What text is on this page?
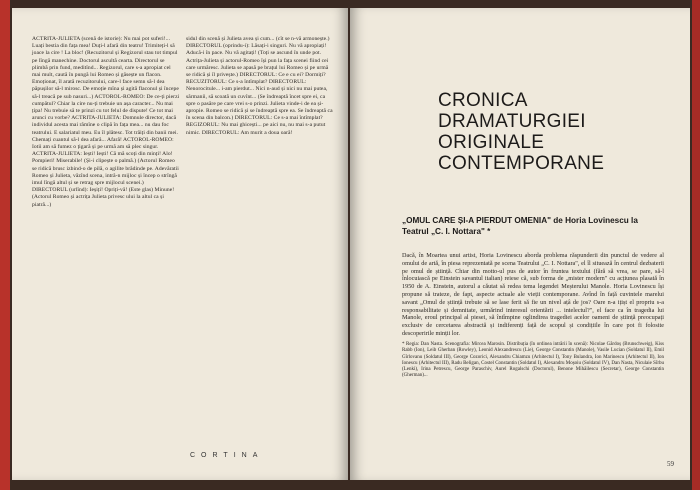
ACTRITA-JULIETA (scenă de istorie): Nu mai pot suferi!... Luați bestia din fața mea! Duți-l afară din teatru! Trimiteți-l să joace la cire ! La bloc! (Recuzitorul și Regizorul stau tot timpul pe lîngă manechine. Doctorul ascultă cearta. Directorul se plimbă prin fund, meditînd... Regizorul, care s-a apropiat cel mai mult, caută în pungă lui Romeo și găsește un flacon. Emoționat, îl arată recuzitorului, care-l face semn să-l dea păpușilor să-l mirosc. De emoție mîna și agită flaconul și începe să-l treacă pe sub nasuri...) ACTOROL-ROMEO: De ce-ți pierzi cumpătul? Chiar la cire nu-ți trebuie un așa caracter... Nu mai țipa! Nu trebuie să te prinzi cu tot felul de dispute! Ce tot mai arunci cu vorbe? ACTRITA-JULIETA: Domnule director, dacă individul acesta mai rămîne o clipă în fața mea... nu dau foc teatrului. E salariatul meu. Eu îl plătesc. Tot trăiți din banii mei. Chemați cuantul să-l dea afară... Afară! ACTOROL-ROMEO: Iotii am să fumez o țigară și pe urmă am să plec singur. ACTRITA-JULIETA: Iești! Iești! Că mă scoți din minți! Alo! Pompieri! Miserabile! (Și-i clipește o palmă.) (Actorul Romeo se ridică brusc izbind-o de pilă, o agilite brădinde pe. Adevăratii Romeo și Julieta, văzînd scena, intră-n mijloc și încep o strîngă imul lîngă altul și se retrag spre mijlocul scenei.) DIRECTORUL (urlînd): Ieșiți! Opriți-vă! (Este glas) Minune! (Actorul Romeo și actrița Julieta privesc ului la altul ca și piatră...)

sidul din scenă și Julieta avea și cum... (cît se n-vă armonește.) DIRECTORUL (oprindu-i): Lăsați-i singuri. Nu vă apropiați! Aducă-i în pace. Nu vă agitați! (Toți se ascund în unde pot. Actrița-Julieta și actorul-Romeo își pun la fața scenei fiind cei care urmăresc. Julieta se apasă pe brațul lui Romeo și pe urmă se ridică și îl privește.) DIRECTORUL: Ce e cu ei? Dormiți? RECUZITORUL: Ce s-a întîmplat? DIRECTORUL: Nenorocitule... i-am pierdut... Nici n-aud și nici nu mai putea, sărmanii, să scoată un cuvînt... (Se îndreaptă încet spre ei, ca spre o pasăre pe care vrei s-o prinzi. Julieta vinde-i de ea și-apropie. Romeo se ridică și se îndreaptă spre ea. Se îndreaptă ca în scena din balcon.) DIRECTORUL: Ce s-a mai întîmplat? REGIZORUL: Nu mai ghicești... pe aici nu, nu mai s-a putut nimic. DIRECTORUL: Am murit a doua oară!

CORTINA
CRONICA
DRAMATURGIEI
ORIGINALE
CONTEMPORANE
„OMUL CARE ȘI-A PIERDUT OMENIA" de Horia Lovinescu la Teatrul „C. I. Nottara" *
Dacă, în Moartea unui artist, Horia Lovinescu aborda problema răspunderii din punctul de vedere al omului de artă, în piesa reprezentată pe scena Teatrului „C. I. Nottara", el îl situează în centrul dezbaterii pe omul de știință. Chiar din motto-ul pus de autor în fruntea textului (fără să vrea, se pare, să-l înlocuiască pe Einstein savantul italian) reiese că, sub forma de „mister modern" cu acțiunea plasată în 1950 de A. Einstein, autorul a căutat să redea tema legendei Meșterului Manole. Horia Lovinescu își propune să trateze, de fapt, aspecte actuale ale vieții contemporane. Avînd în față cuvintele marelui savant „Omul de știință trebuie să se lase ferit să fie un nivel ațâ de jos? Oare n-a ițișt el propriu s-a responsabilitate și demnitate, urmărind interesul orientării ... intelectul?", el face ca în tragedia lui Manole, eroul principal al piesei, să întîmpine oglindirea tragediei acelor oameni de știință preocupați exclusiv de cercetarea abstractă și indiferenți față de scopul și condițiile în care pot fi folosite descoperirile minții lor.
* Regia: Dan Nasta. Scenografia: Mircea Marosin. Distribuția (în ordinea intrării în scenă): Nicolae Gărdoș (Brunschweig), Kiss Rabb (Ion), Leib Gherban (Rowley), Leonid Alexandrescu (Lie), George Constantin (Manole), Vasile Lucian (Soldatul II), Emil Gîrlovanu (Soldatul III), George Cozorici, Alexandru Chiamzu (Arhitectul I), Tony Bulandra, Ion Marinescu (Arhitectul II), Ion Ionescu (Arhitectul III), Radu Beligan, Costel Constantin (Soldatul I), Alexandru Moșoiu (Soldatul IV), Dan Nasta, Niculaie Sîrbu (Lenki), Irina Petrescu, George Paraschiv, Aurel Rogalschi (Doctorul), Benone Mihăilescu (Secretar), George Constantin (Gherman)...
59
